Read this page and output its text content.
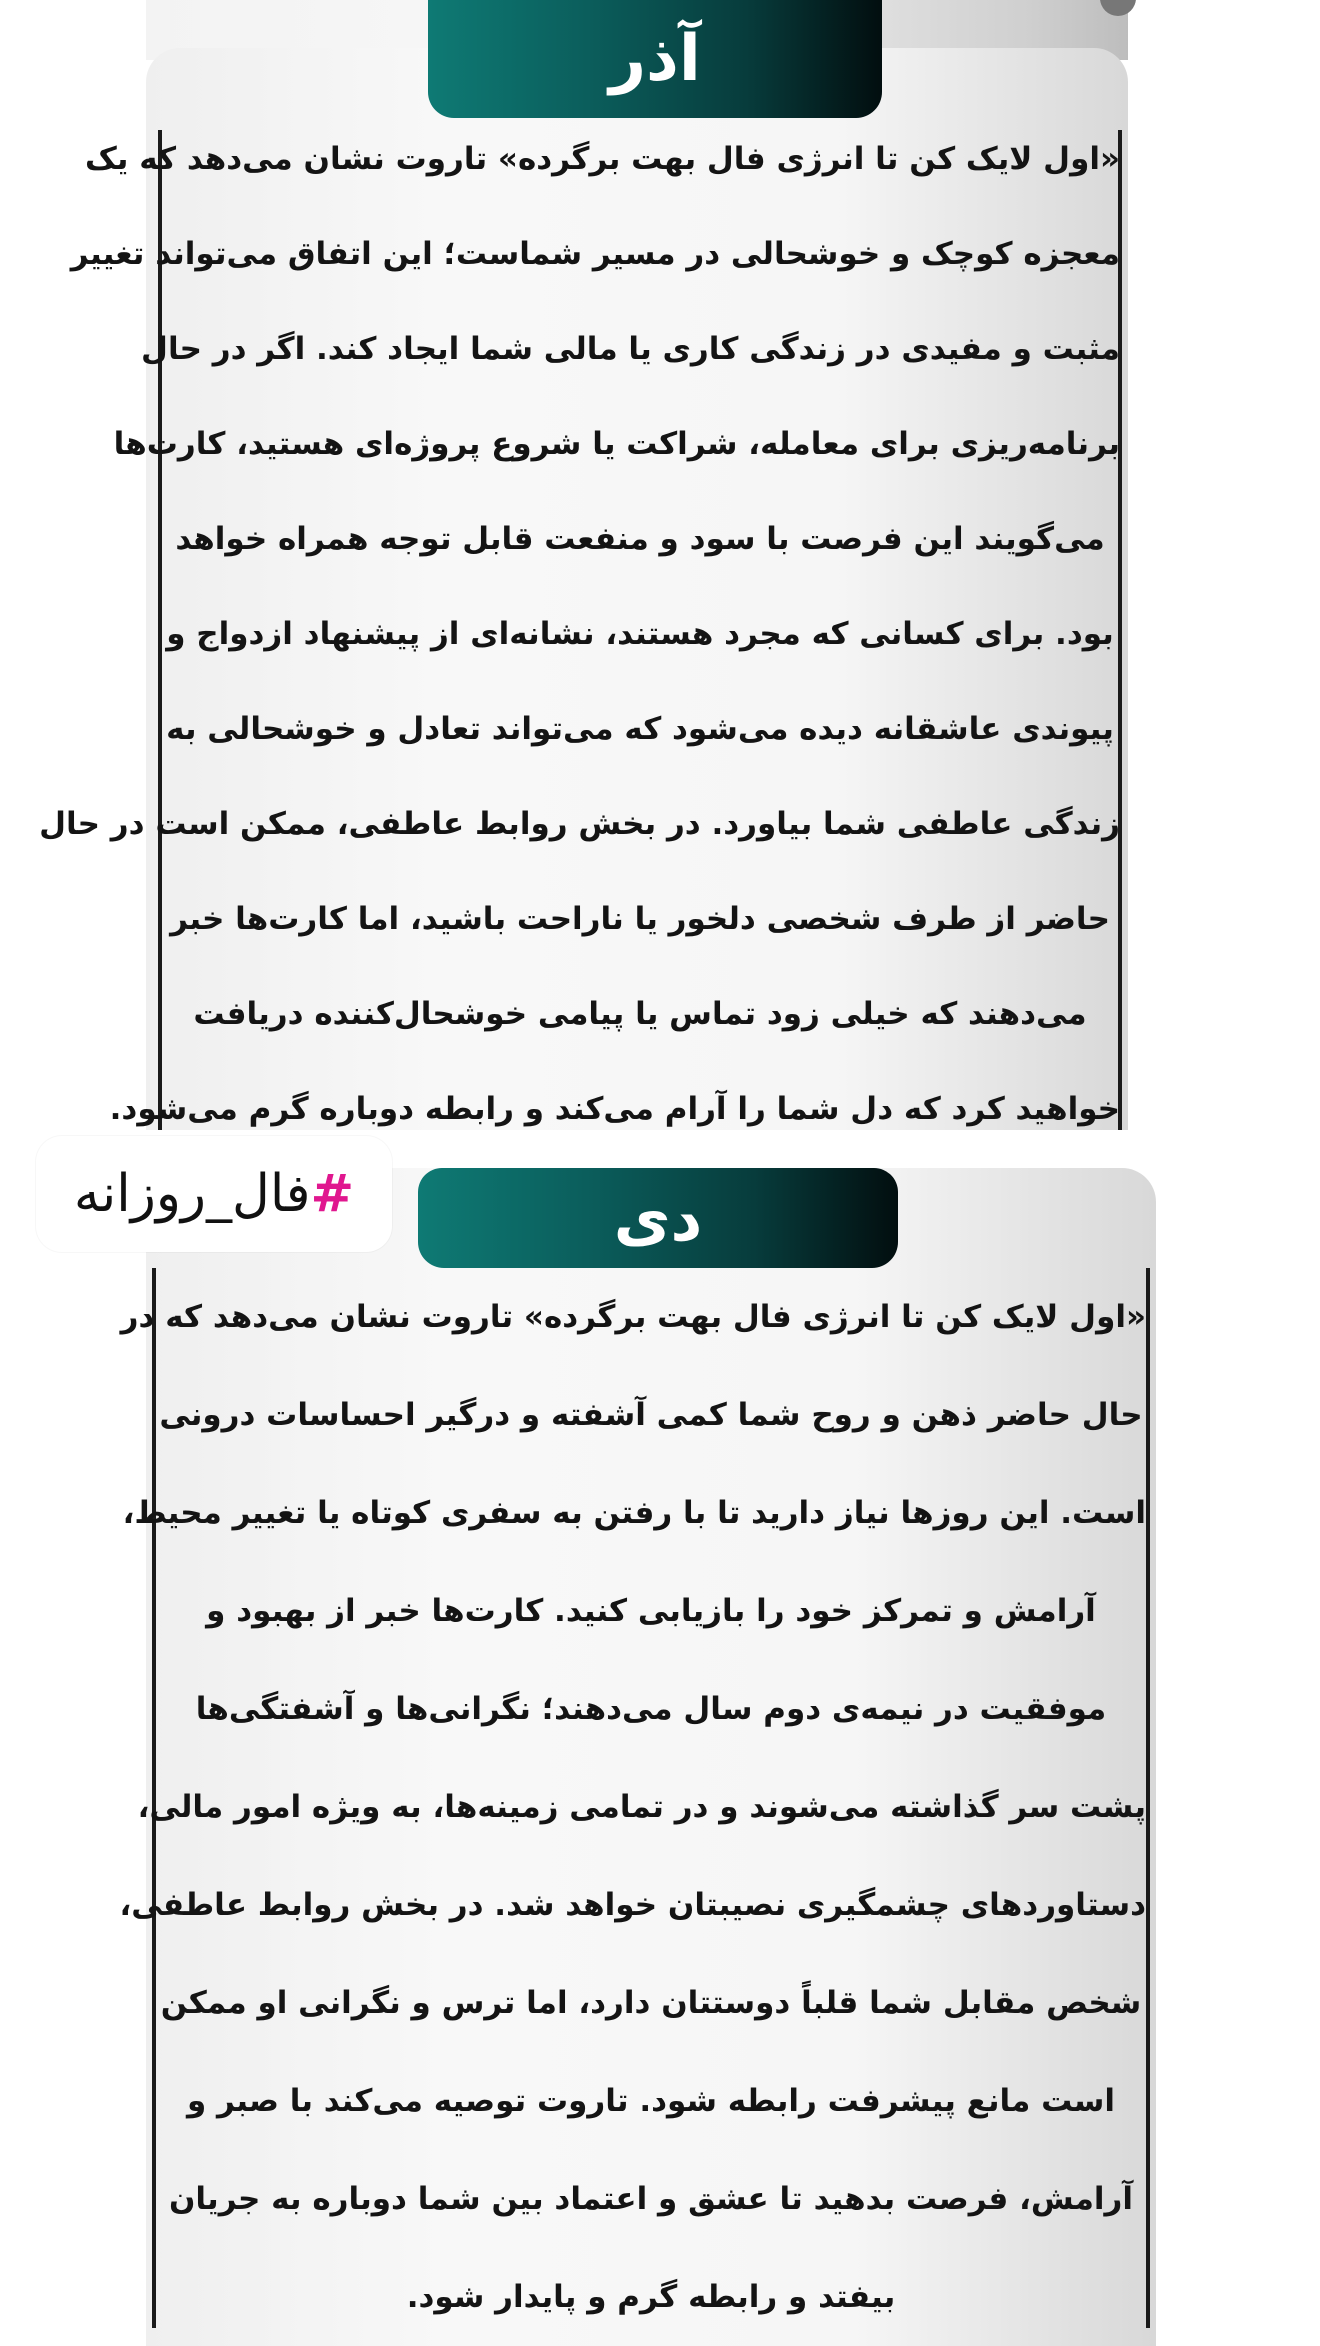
آذر
«اول لایک کن تا انرژی فال بهت برگرده» تاروت نشان می‌دهد که یک
معجزه کوچک و خوشحالی در مسیر شماست؛ این اتفاق می‌تواند تغییر
مثبت و مفیدی در زندگی کاری یا مالی شما ایجاد کند. اگر در حال
برنامه‌ریزی برای معامله، شراکت یا شروع پروژه‌ای هستید، کارت‌ها
می‌گویند این فرصت با سود و منفعت قابل توجه همراه خواهد
بود. برای کسانی که مجرد هستند، نشانه‌ای از پیشنهاد ازدواج و
پیوندی عاشقانه دیده می‌شود که می‌تواند تعادل و خوشحالی به
زندگی عاطفی شما بیاورد. در بخش روابط عاطفی، ممکن است در حال
حاضر از طرف شخصی دلخور یا ناراحت باشید، اما کارت‌ها خبر
می‌دهند که خیلی زود تماس یا پیامی خوشحال‌کننده دریافت
خواهید کرد که دل شما را آرام می‌کند و رابطه دوباره گرم می‌شود.
دی
«اول لایک کن تا انرژی فال بهت برگرده» تاروت نشان می‌دهد که در
حال حاضر ذهن و روح شما کمی آشفته و درگیر احساسات درونی
است. این روزها نیاز دارید تا با رفتن به سفری کوتاه یا تغییر محیط،
آرامش و تمرکز خود را بازیابی کنید. کارت‌ها خبر از بهبود و
موفقیت در نیمه‌ی دوم سال می‌دهند؛ نگرانی‌ها و آشفتگی‌ها
پشت سر گذاشته می‌شوند و در تمامی زمینه‌ها، به ویژه امور مالی،
دستاوردهای چشمگیری نصیبتان خواهد شد. در بخش روابط عاطفی،
شخص مقابل شما قلباً دوستتان دارد، اما ترس و نگرانی او ممکن
است مانع پیشرفت رابطه شود. تاروت توصیه می‌کند با صبر و
آرامش، فرصت بدهید تا عشق و اعتماد بین شما دوباره به جریان
بیفتد و رابطه گرم و پایدار شود.
#
فال_روزانه
